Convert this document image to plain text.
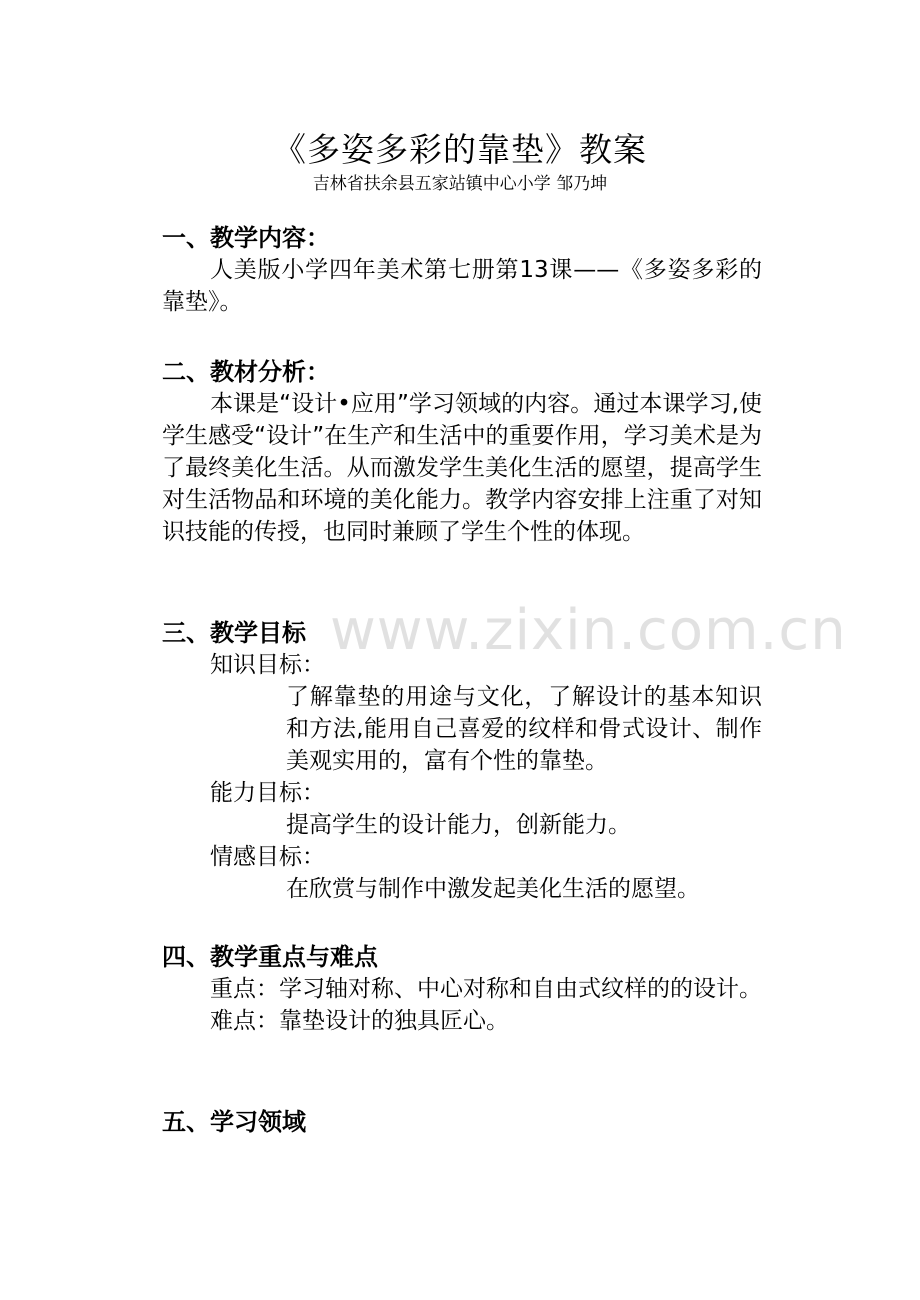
《多姿多彩的靠垫》教案
吉林省扶余县五家站镇中心小学 邹乃坤
一、教学内容：
人美版小学四年美术第七册第13课——《多姿多彩的靠垫》。
二、教材分析：
本课是“设计•应用”学习领域的内容。通过本课学习,使学生感受“设计”在生产和生活中的重要作用，学习美术是为了最终美化生活。从而激发学生美化生活的愿望，提高学生对生活物品和环境的美化能力。教学内容安排上注重了对知识技能的传授，也同时兼顾了学生个性的体现。
三、教学目标
知识目标：
了解靠垫的用途与文化，了解设计的基本知识和方法,能用自己喜爱的纹样和骨式设计、制作美观实用的，富有个性的靠垫。
能力目标：
提高学生的设计能力，创新能力。
情感目标：
在欣赏与制作中激发起美化生活的愿望。
四、教学重点与难点
重点：学习轴对称、中心对称和自由式纹样的的设计。
难点：靠垫设计的独具匠心。
五、学习领域
www.zixin.com.cn
